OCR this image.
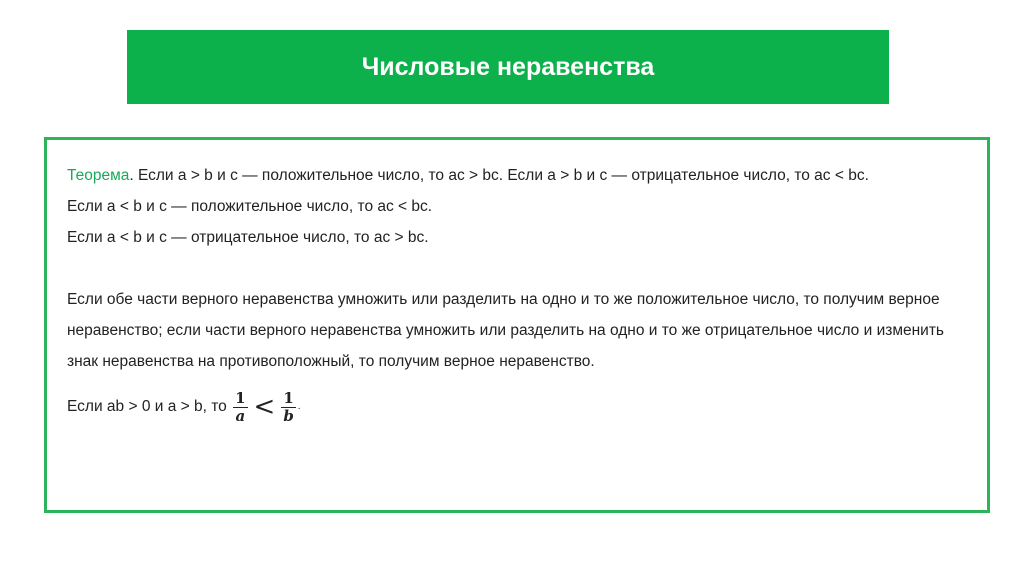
Числовые неравенства

Теорема. Если a > b и c — положительное число, то ac > bc. Если a > b и c — отрицательное число, то ac < bc.

Если a < b и c — положительное число, то ac < bc.

Если a < b и c — отрицательное число, то ac > bc.

Если обе части верного неравенства умножить или разделить на одно и то же положительное число, то получим верное неравенство; если части верного неравенства умножить или разделить на одно и то же отрицательное число и изменить знак неравенства на противоположный, то получим верное неравенство.

Если ab > 0 и a > b, то $\frac{1}{a} < \frac{1}{b}$ .
